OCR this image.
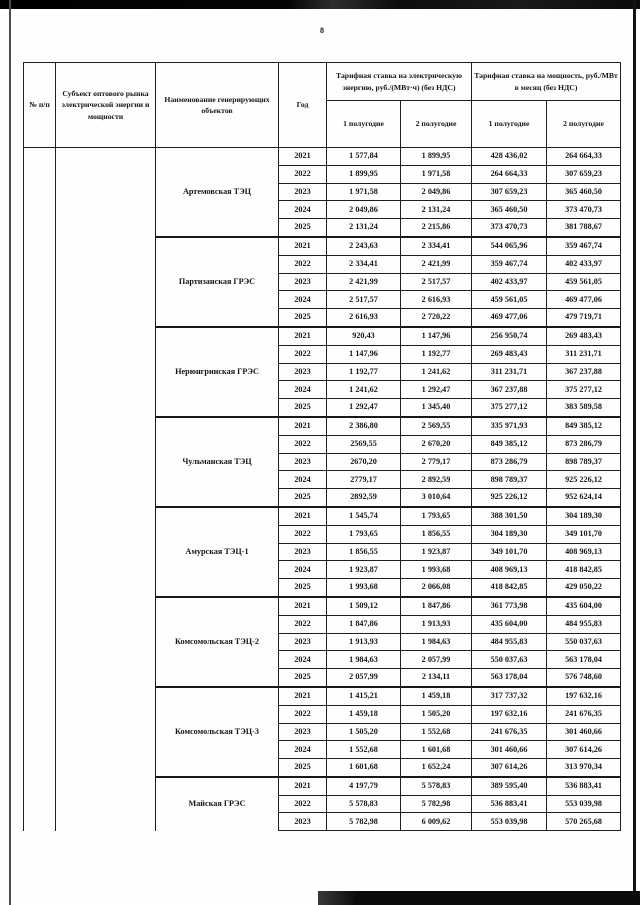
8
№ п/п	Субъект оптового рынка электрической энергии и мощности	Наименование генерирующих объектов	Год	Тарифная ставка на электрическую энергию, руб./(МВт·ч) (без НДС)		Тарифная ставка на мощность, руб./МВт в месяц (без НДС)	
				1 полугодие	2 полугодие	1 полугодие	2 полугодие
		Артемовская ТЭЦ	2021	1 577,84	1 899,95	428 436,02	264 664,33
			2022	1 899,95	1 971,58	264 664,33	307 659,23
			2023	1 971,58	2 049,86	307 659,23	365 460,50
			2024	2 049,86	2 131,24	365 460,50	373 470,73
			2025	2 131,24	2 215,86	373 470,73	381 788,67
		Партизанская ГРЭС	2021	2 243,63	2 334,41	544 065,96	359 467,74
			2022	2 334,41	2 421,99	359 467,74	402 433,97
			2023	2 421,99	2 517,57	402 433,97	459 561,05
			2024	2 517,57	2 616,93	459 561,05	469 477,06
			2025	2 616,93	2 720,22	469 477,06	479 719,71
		Нерюнгринская ГРЭС	2021	920,43	1 147,96	256 950,74	269 483,43
			2022	1 147,96	1 192,77	269 483,43	311 231,71
			2023	1 192,77	1 241,62	311 231,71	367 237,88
			2024	1 241,62	1 292,47	367 237,88	375 277,12
			2025	1 292,47	1 345,40	375 277,12	383 589,58
		Чульманская ТЭЦ	2021	2 386,80	2 569,55	335 971,93	849 385,12
			2022	2569,55	2 670,20	849 385,12	873 286,79
			2023	2670,20	2 779,17	873 286,79	898 789,37
			2024	2779,17	2 892,59	898 789,37	925 226,12
			2025	2892,59	3 010,64	925 226,12	952 624,14
		Амурская ТЭЦ-1	2021	1 545,74	1 793,65	388 301,50	304 189,30
			2022	1 793,65	1 856,55	304 189,30	349 101,70
			2023	1 856,55	1 923,87	349 101,70	408 969,13
			2024	1 923,87	1 993,68	408 969,13	418 842,85
			2025	1 993,68	2 066,08	418 842,85	429 050,22
		Комсомольская ТЭЦ-2	2021	1 509,12	1 847,86	361 773,98	435 604,00
			2022	1 847,86	1 913,93	435 604,00	484 955,83
			2023	1 913,93	1 984,63	484 955,83	550 037,63
			2024	1 984,63	2 057,99	550 037,63	563 178,04
			2025	2 057,99	2 134,11	563 178,04	576 748,60
		Комсомольская ТЭЦ-3	2021	1 415,21	1 459,18	317 737,32	197 632,16
			2022	1 459,18	1 505,20	197 632,16	241 676,35
			2023	1 505,20	1 552,68	241 676,35	301 460,66
			2024	1 552,68	1 601,68	301 460,66	307 614,26
			2025	1 601,68	1 652,24	307 614,26	313 970,34
		Майская ГРЭС	2021	4 197,79	5 578,83	389 595,40	536 883,41
			2022	5 578,83	5 782,98	536 883,41	553 039,98
			2023	5 782,98	6 009,62	553 039,98	570 265,68
